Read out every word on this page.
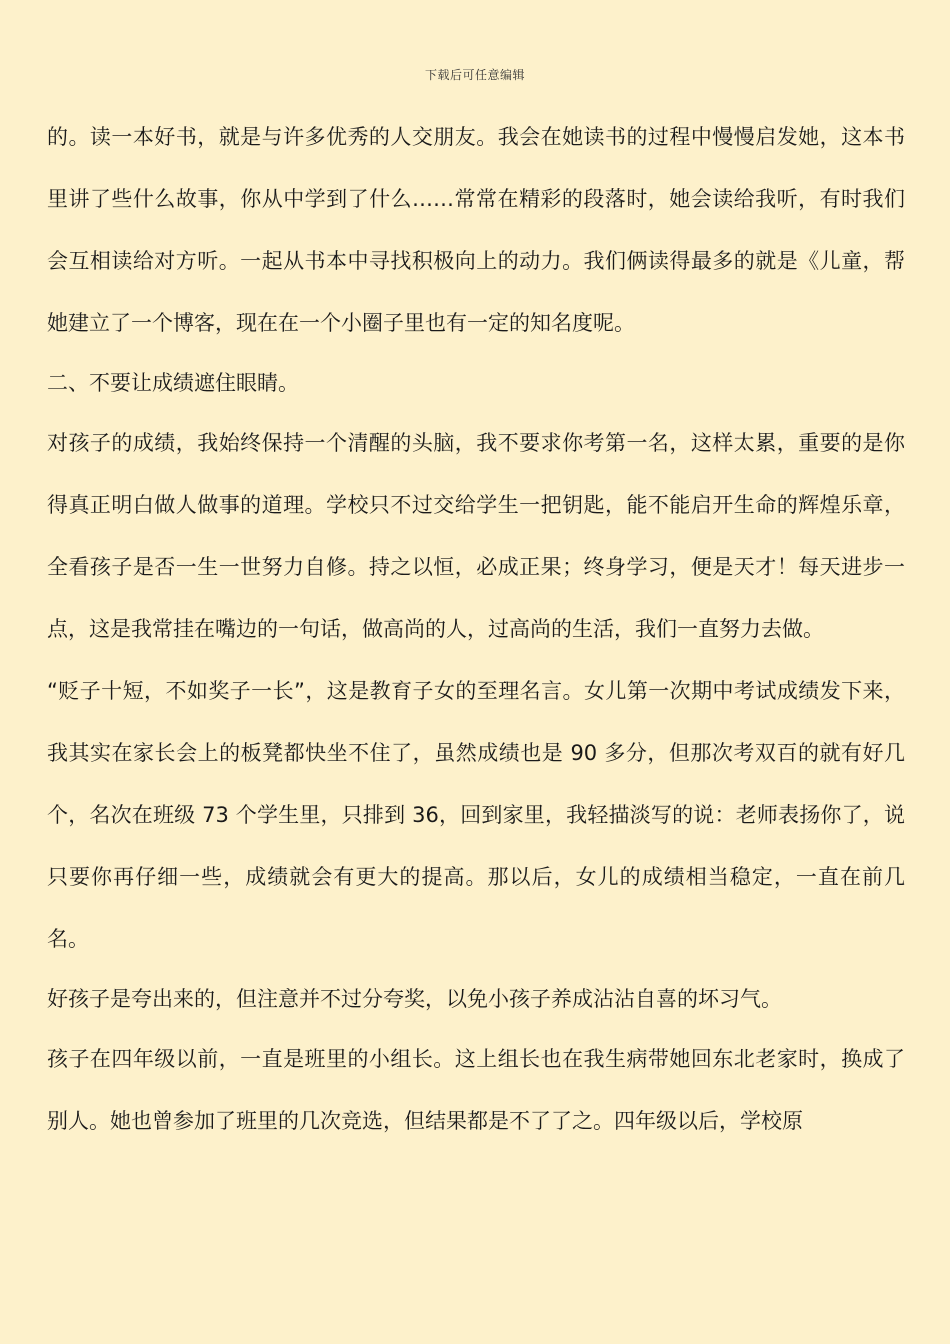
下载后可任意编辑

的。读一本好书，就是与许多优秀的人交朋友。我会在她读书的过程中慢慢启发她，这本书里讲了些什么故事，你从中学到了什么……常常在精彩的段落时，她会读给我听，有时我们会互相读给对方听。一起从书本中寻找积极向上的动力。我们俩读得最多的就是《儿童，帮她建立了一个博客，现在在一个小圈子里也有一定的知名度呢。

二、不要让成绩遮住眼睛。

对孩子的成绩，我始终保持一个清醒的头脑，我不要求你考第一名，这样太累，重要的是你得真正明白做人做事的道理。学校只不过交给学生一把钥匙，能不能启开生命的辉煌乐章，全看孩子是否一生一世努力自修。持之以恒，必成正果；终身学习，便是天才！每天进步一点，这是我常挂在嘴边的一句话，做高尚的人，过高尚的生活，我们一直努力去做。

“贬子十短，不如奖子一长”，这是教育子女的至理名言。女儿第一次期中考试成绩发下来，我其实在家长会上的板凳都快坐不住了，虽然成绩也是 90 多分，但那次考双百的就有好几个，名次在班级 73 个学生里，只排到 36，回到家里，我轻描淡写的说：老师表扬你了，说只要你再仔细一些，成绩就会有更大的提高。那以后，女儿的成绩相当稳定，一直在前几名。

好孩子是夸出来的，但注意并不过分夸奖，以免小孩子养成沾沾自喜的坏习气。

孩子在四年级以前，一直是班里的小组长。这上组长也在我生病带她回东北老家时，换成了别人。她也曾参加了班里的几次竞选，但结果都是不了了之。四年级以后，学校原
